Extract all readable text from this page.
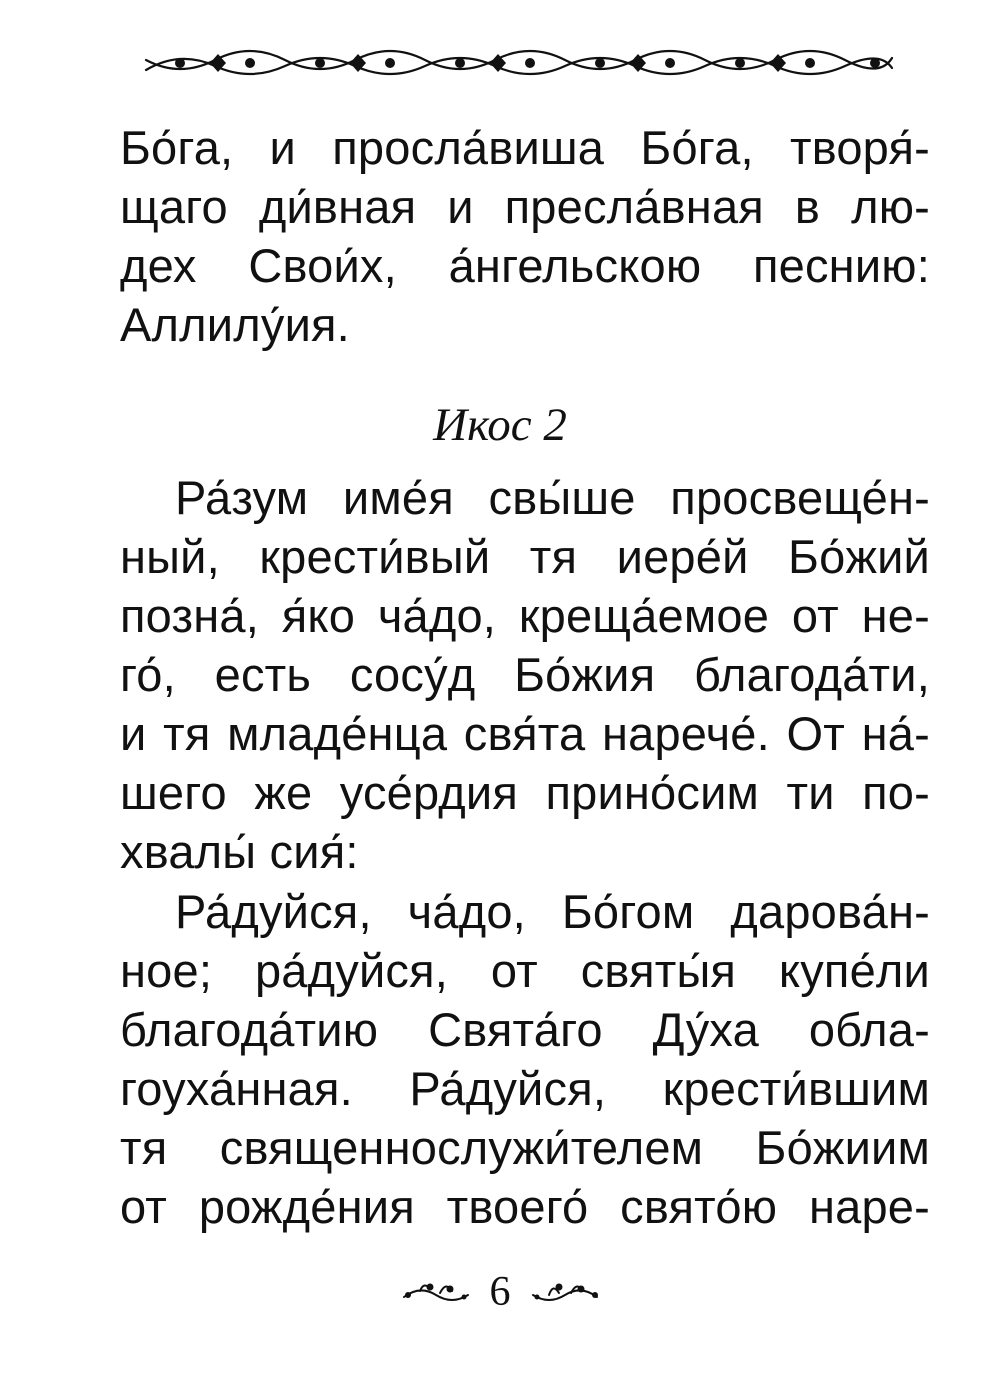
Бо́га, и просла́виша Бо́га, творя́-
щаго ди́вная и пресла́вная в лю-
дех Свои́х, а́нгельскою песнию:
Аллилу́ия.
Икос 2
Ра́зум име́я свы́ше просвеще́н-
ный, крести́вый тя иере́й Бо́жий
позна́, я́ко ча́до, креща́емое от не-
го́, есть сосу́д Бо́жия благода́ти,
и тя младе́нца свя́та нарече́. От на́-
шего же усе́рдия прино́сим ти по-
хвалы́ сия́:
Ра́дуйся, ча́до, Бо́гом дарова́н-
ное; ра́дуйся, от святы́я купе́ли
благода́тию Свята́го Ду́ха обла-
гоуха́нная. Ра́дуйся, крести́вшим
тя священнослужи́телем Бо́жиим
от рожде́ния твоего́ свято́ю наре-
6
